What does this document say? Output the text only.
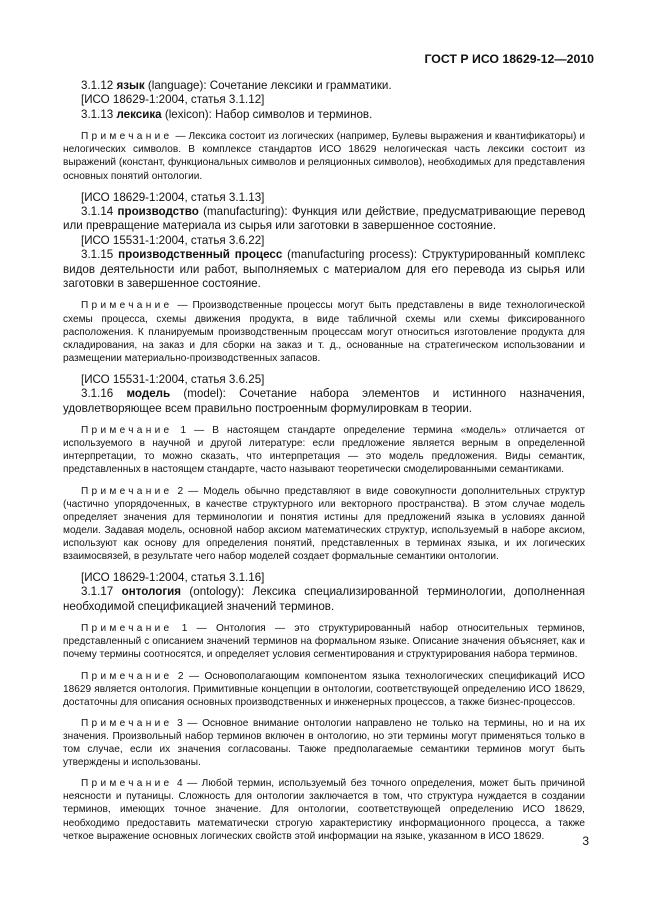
ГОСТ Р ИСО 18629-12—2010

3.1.12 язык (language): Сочетание лексики и грамматики.

[ИСО 18629-1:2004, статья 3.1.12]

3.1.13 лексика (lexicon): Набор символов и терминов.

Примечание — Лексика состоит из логических (например, Булевы выражения и квантификаторы) и нелогических символов. В комплексе стандартов ИСО 18629 нелогическая часть лексики состоит из выражений (констант, функциональных символов и реляционных символов), необходимых для представления основных понятий онтологии.

[ИСО 18629-1:2004, статья 3.1.13]

3.1.14 производство (manufacturing): Функция или действие, предусматривающие перевод или превращение материала из сырья или заготовки в завершенное состояние.

[ИСО 15531-1:2004, статья 3.6.22]

3.1.15 производственный процесс (manufacturing process): Структурированный комплекс видов деятельности или работ, выполняемых с материалом для его перевода из сырья или заготовки в завершенное состояние.

Примечание — Производственные процессы могут быть представлены в виде технологической схемы процесса, схемы движения продукта, в виде табличной схемы или схемы фиксированного расположения. К планируемым производственным процессам могут относиться изготовление продукта для складирования, на заказ и для сборки на заказ и т. д., основанные на стратегическом использовании и размещении материально-производственных запасов.

[ИСО 15531-1:2004, статья 3.6.25]

3.1.16 модель (model): Сочетание набора элементов и истинного назначения, удовлетворяющее всем правильно построенным формулировкам в теории.

Примечание 1 — В настоящем стандарте определение термина «модель» отличается от используемого в научной и другой литературе: если предложение является верным в определенной интерпретации, то можно сказать, что интерпретация — это модель предложения. Виды семантик, представленных в настоящем стандарте, часто называют теоретически смоделированными семантиками.

Примечание 2 — Модель обычно представляют в виде совокупности дополнительных структур (частично упорядоченных, в качестве структурного или векторного пространства). В этом случае модель определяет значения для терминологии и понятия истины для предложений языка в условиях данной модели. Задавая модель, основной набор аксиом математических структур, используемый в наборе аксиом, используют как основу для определения понятий, представленных в терминах языка, и их логических взаимосвязей, в результате чего набор моделей создает формальные семантики онтологии.

[ИСО 18629-1:2004, статья 3.1.16]

3.1.17 онтология (ontology): Лексика специализированной терминологии, дополненная необходимой спецификацией значений терминов.

Примечание 1 — Онтология — это структурированный набор относительных терминов, представленный с описанием значений терминов на формальном языке. Описание значения объясняет, как и почему термины соотносятся, и определяет условия сегментирования и структурирования набора терминов.

Примечание 2 — Основополагающим компонентом языка технологических спецификаций ИСО 18629 является онтология. Примитивные концепции в онтологии, соответствующей определению ИСО 18629, достаточны для описания основных производственных и инженерных процессов, а также бизнес-процессов.

Примечание 3 — Основное внимание онтологии направлено не только на термины, но и на их значения. Произвольный набор терминов включен в онтологию, но эти термины могут применяться только в том случае, если их значения согласованы. Также предполагаемые семантики терминов могут быть утверждены и использованы.

Примечание 4 — Любой термин, используемый без точного определения, может быть причиной неясности и путаницы. Сложность для онтологии заключается в том, что структура нуждается в создании терминов, имеющих точное значение. Для онтологии, соответствующей определению ИСО 18629, необходимо предоставить математически строгую характеристику информационного процесса, а также четкое выражение основных логических свойств этой информации на языке, указанном в ИСО 18629.	3
